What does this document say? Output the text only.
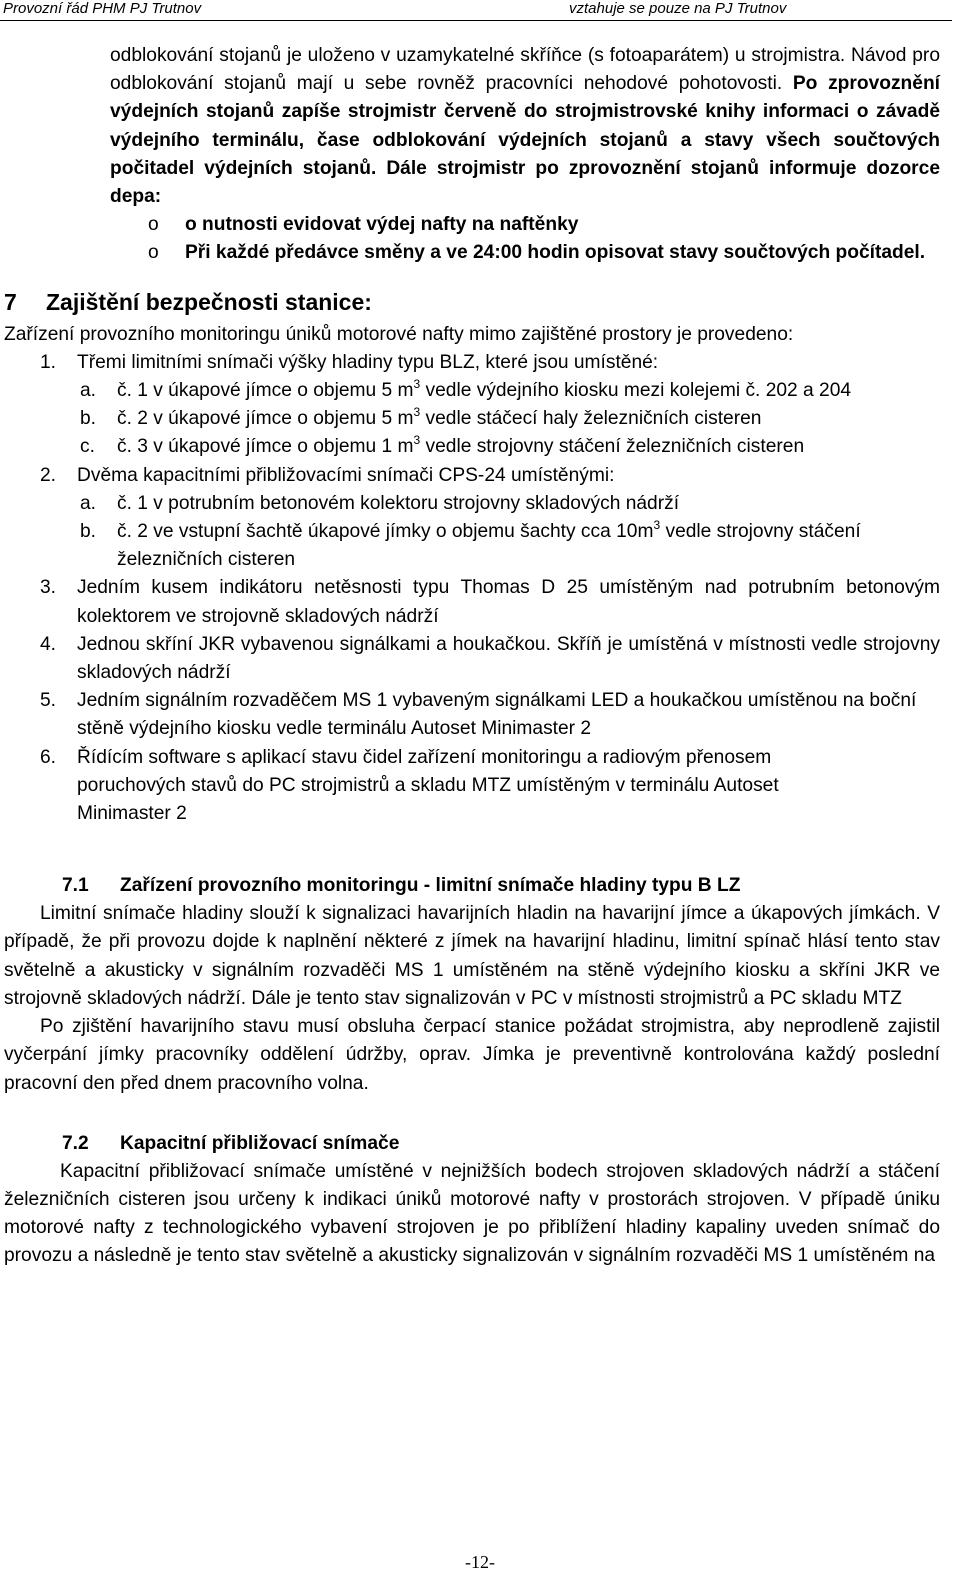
Provozní řád PHM PJ Trutnov	vztahuje se pouze na PJ Trutnov
odblokování stojanů je uloženo v uzamykatelné skříňce (s fotoaparátem) u strojmistra. Návod pro odblokování stojanů mají u sebe rovněž pracovníci nehodové pohotovosti. Po zprovoznění výdejních stojanů zapíše strojmistr červeně do strojmistrovské knihy informaci o závadě výdejního terminálu, čase odblokování výdejních stojanů a stavy všech součtových počitadel výdejních stojanů. Dále strojmistr po zprovoznění stojanů informuje dozorce depa:
o o nutnosti evidovat výdej nafty na naftěnky
o Při každé předávce směny a ve 24:00 hodin opisovat stavy součtových počítadel.
7 Zajištění bezpečnosti stanice:
Zařízení provozního monitoringu úniků motorové nafty mimo zajištěné prostory je provedeno:
1. Třemi limitními snímači výšky hladiny typu BLZ, které jsou umístěné:
a. č. 1 v úkapové jímce o objemu 5 $m^3$ vedle výdejního kiosku mezi kolejemi č. 202 a 204
b. č. 2 v úkapové jímce o objemu 5 $m^3$ vedle stáčecí haly železničních cisteren
c. č. 3 v úkapové jímce o objemu 1 $m^3$ vedle strojovny stáčení železničních cisteren
2. Dvěma kapacitními přibližovacími snímači CPS-24 umístěnými:
a. č. 1 v potrubním betonovém kolektoru strojovny skladových nádrží
b. č. 2 ve vstupní šachtě úkapové jímky o objemu šachty cca $10m^3$ vedle strojovny stáčení železničních cisteren
3. Jedním kusem indikátoru netěsnosti typu Thomas D 25 umístěným nad potrubním betonovým kolektorem ve strojovně skladových nádrží
4. Jednou skříní JKR vybavenou signálkami a houkačkou. Skříň je umístěná v místnosti vedle strojovny skladových nádrží
5. Jedním signálním rozvaděčem MS 1 vybaveným signálkami LED a houkačkou umístěnou na boční stěně výdejního kiosku vedle terminálu Autoset Minimaster 2
6. Řídícím software s aplikací stavu čidel zařízení monitoringu a radiovým přenosem poruchových stavů do PC strojmistrů a skladu MTZ umístěným v terminálu Autoset Minimaster 2
7.1 Zařízení provozního monitoringu - limitní snímače hladiny typu B LZ
Limitní snímače hladiny slouží k signalizaci havarijních hladin na havarijní jímce a úkapových jímkách. V případě, že při provozu dojde k naplnění některé z jímek na havarijní hladinu, limitní spínač hlásí tento stav světelně a akusticky v signálním rozvaděči MS 1 umístěném na stěně výdejního kiosku a skříni JKR ve strojovně skladových nádrží. Dále je tento stav signalizován v PC v místnosti strojmistrů a PC skladu MTZ
Po zjištění havarijního stavu musí obsluha čerpací stanice požádat strojmistra, aby neprodleně zajistil vyčerpání jímky pracovníky oddělení údržby, oprav. Jímka je preventivně kontrolována každý poslední pracovní den před dnem pracovního volna.
7.2 Kapacitní přibližovací snímače
Kapacitní přibližovací snímače umístěné v nejnižších bodech strojoven skladových nádrží a stáčení železničních cisteren jsou určeny k indikaci úniků motorové nafty v prostorách strojoven. V případě úniku motorové nafty z technologického vybavení strojoven je po přiblížení hladiny kapaliny uveden snímač do provozu a následně je tento stav světelně a akusticky signalizován v signálním rozvaděči MS 1 umístěném na
-12-
